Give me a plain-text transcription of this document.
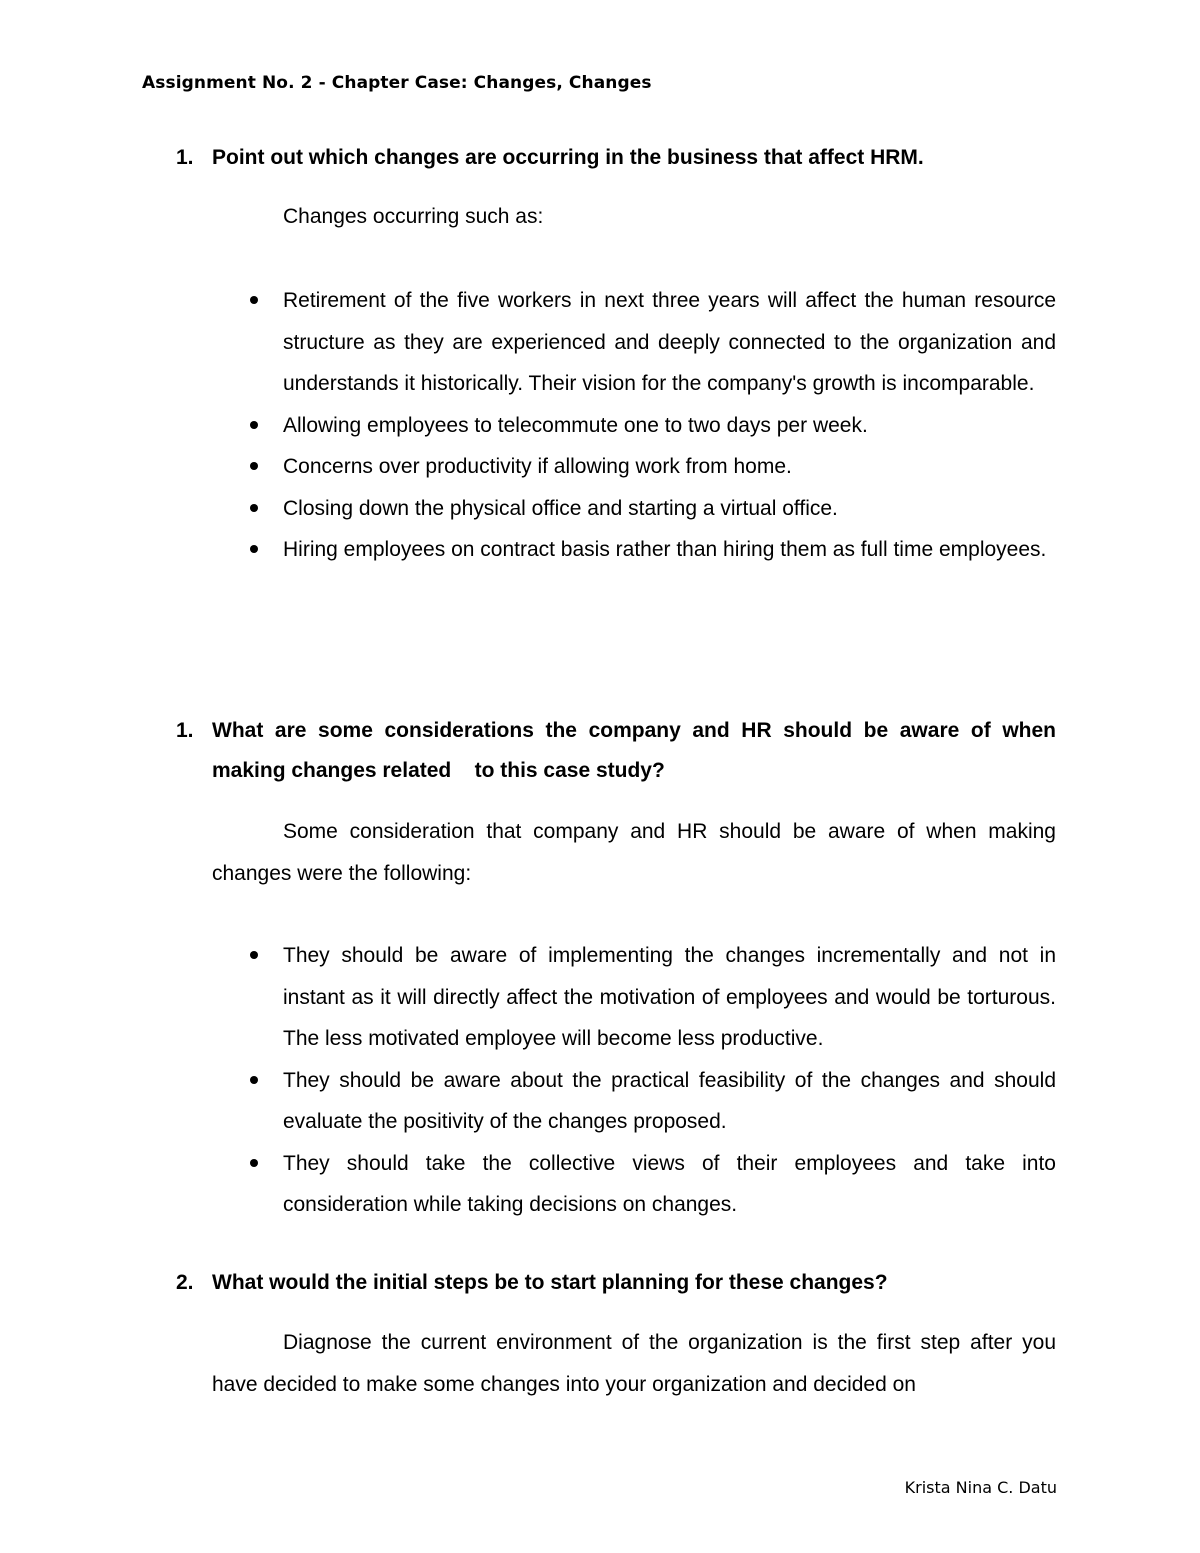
Assignment No. 2 - Chapter Case: Changes, Changes
1. Point out which changes are occurring in the business that affect HRM.
Changes occurring such as:
Retirement of the five workers in next three years will affect the human resource structure as they are experienced and deeply connected to the organization and understands it historically. Their vision for the company's growth is incomparable.
Allowing employees to telecommute one to two days per week.
Concerns over productivity if allowing work from home.
Closing down the physical office and starting a virtual office.
Hiring employees on contract basis rather than hiring them as full time employees.
1. What are some considerations the company and HR should be aware of when making changes related    to this case study?
Some consideration that company and HR should be aware of when making changes were the following:
They should be aware of implementing the changes incrementally and not in instant as it will directly affect the motivation of employees and would be torturous. The less motivated employee will become less productive.
They should be aware about the practical feasibility of the changes and should evaluate the positivity of the changes proposed.
They should take the collective views of their employees and take into consideration while taking decisions on changes.
2. What would the initial steps be to start planning for these changes?
Diagnose the current environment of the organization is the first step after you have decided to make some changes into your organization and decided on
Krista Nina C. Datu
